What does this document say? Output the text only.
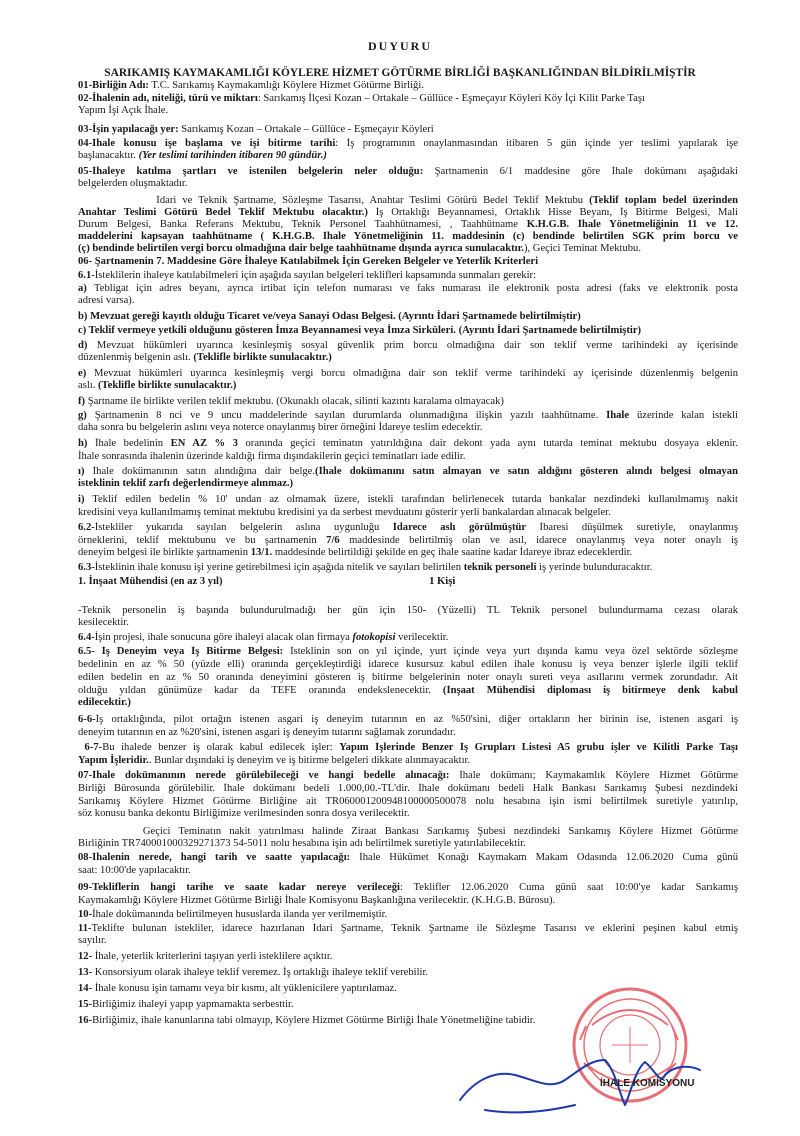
DUYURU
SARIKAMIŞ KAYMAKAMLIĞI KÖYLERE HİZMET GÖTÜRME BİRLİĞİ BAŞKANLIĞINDAN BİLDİRİLMİŞTİR
01-Birliğin Adı: T.C. Sarıkamış Kaymakamlığı Köylere Hizmet Götürme Birliği.
02-İhalenin adı, niteliği, türü ve miktarı: Sarıkamış İlçesi Kozan – Ortakale – Güllüce - Eşmeçayır Köyleri Köy İçi Kilit Parke Taşı
Yapım İşi Açık İhale.
03-İşin yapılacağı yer: Sarıkamış Kozan – Ortakale – Güllüce - Eşmeçayır Köyleri
04-İhale konusu işe başlama ve işi bitirme tarihi: İş programının onaylanmasından itibaren 5 gün içinde yer teslimi yapılarak işe
başlanacaktır. (Yer teslimi tarihinden itibaren 90 gündür.)
05-İhaleye katılma şartları ve istenilen belgelerin neler olduğu: Şartnamenin 6/1 maddesine göre İhale dokümanı aşağıdaki
belgelerden oluşmaktadır.
İdari ve Teknik Şartname, Sözleşme Tasarısı, Anahtar Teslimi Götürü Bedel Teklif Mektubu (Teklif toplam bedel üzerinden
Anahtar Teslimi Götürü Bedel Teklif Mektubu olacaktır.) İş Ortaklığı Beyannamesi, Ortaklık Hisse Beyanı, İş Bitirme Belgesi, Mali
Durum Belgesi, Banka Referans Mektubu, Teknik Personel Taahhütnamesi, , Taahhütname K.H.G.B. İhale Yönetmeliğinin 11 ve 12.
maddelerini kapsayan taahhütname ( K.H.G.B. İhale Yönetmeliğinin 11. maddesinin (c) bendinde belirtilen SGK prim borcu ve
(ç) bendinde belirtilen vergi borcu olmadığına dair belge taahhütname dışında ayrıca sunulacaktır.), Geçici Teminat Mektubu.
06- Şartnamenin 7. Maddesine Göre İhaleye Katılabilmek İçin Gereken Belgeler ve Yeterlik Kriterleri
6.1-İsteklilerin ihaleye katılabilmeleri için aşağıda sayılan belgeleri teklifleri kapsamında sunmaları gerekir:
a) Tebligat için adres beyanı, ayrıca irtibat için telefon numarası ve faks numarası ile elektronik posta adresi (faks ve elektronik posta
adresi varsa).
b) Mevzuat gereği kayıtlı olduğu Ticaret ve/veya Sanayi Odası Belgesi. (Ayrıntı İdari Şartnamede belirtilmiştir)
c) Teklif vermeye yetkili olduğunu gösteren İmza Beyannamesi veya İmza Sirküleri. (Ayrıntı İdari Şartnamede belirtilmiştir)
d) Mevzuat hükümleri uyarınca kesinleşmiş sosyal güvenlik prim borcu olmadığına dair son teklif verme tarihindeki ay içerisinde
düzenlenmiş belgenin aslı. (Teklifle birlikte sunulacaktır.)
e) Mevzuat hükümleri uyarınca kesinleşmiş vergi borcu olmadığına dair son teklif verme tarihindeki ay içerisinde düzenlenmiş belgenin
aslı. (Teklifle birlikte sunulacaktır.)
f) Şartname ile birlikte verilen teklif mektubu. (Okunaklı olacak, silinti kazıntı karalama olmayacak)
g) Şartnamenin 8 nci ve 9 uncu maddelerinde sayılan durumlarda olunmadığına ilişkin yazılı taahhütname. İhale üzerinde kalan istekli
daha sonra bu belgelerin aslını veya noterce onaylanmış birer örneğini İdareye teslim edecektir.
h) İhale bedelinin EN AZ % 3 oranında geçici teminatın yatırıldığına dair dekont yada aynı tutarda teminat mektubu dosyaya eklenir.
İhale sonrasında ihalenin üzerinde kaldığı firma dışındakilerin geçici teminatları iade edilir.
ı) İhale dokümanının satın alındığına dair belge.(İhale dokümanını satın almayan ve satın aldığını gösteren alındı belgesi olmayan
isteklinin teklif zarfı değerlendirmeye alınmaz.)
i) Teklif edilen bedelin % 10' undan az olmamak üzere, istekli tarafından belirlenecek tutarda bankalar nezdindeki kullanılmamış nakit
kredisini veya kullanılmamış teminat mektubu kredisini ya da serbest mevduatını gösterir yerli bankalardan alınacak belgeler.
6.2-İstekliler yukarıda sayılan belgelerin aslına uygunluğu İdarece aslı görülmüştür İbaresi düşülmek suretiyle, onaylanmış
örneklerini, teklif mektubunu ve bu şartnamenin 7/6 maddesinde belirtilmiş olan ve asıl, idarece onaylanmış veya noter onaylı iş
deneyim belgesi ile birlikte şartnamenin 13/1. maddesinde belirtildiği şekilde en geç ihale saatine kadar İdareye ibraz edeceklerdir.
6.3-İsteklinin ihale konusu işi yerine getirebilmesi için aşağıda nitelik ve sayıları belirtilen teknik personeli iş yerinde bulunduracaktır.
1. İnşaat Mühendisi (en az 3 yıl)                                                                              1 Kişi
-Teknik personelin iş başında bulundurulmadığı her gün için 150- (Yüzelli) TL Teknik personel bulundurmama cezası olarak
kesilecektir.
6.4-İşin projesi, ihale sonucuna göre ihaleyi alacak olan firmaya fotokopisi verilecektir.
6.5- İş Deneyim veya İş Bitirme Belgesi: İsteklinin son on yıl içinde, yurt içinde veya yurt dışında kamu veya özel sektörde sözleşme
bedelinin en az % 50 (yüzde elli) oranında gerçekleştirdiği idarece kusursuz kabul edilen ihale konusu iş veya benzer işlerle ilgili teklif
edilen bedelin en az % 50 oranında deneyimini gösteren iş bitirme belgelerinin noter onaylı sureti veya asıllarını vermek zorundadır. Ait
olduğu yıldan günümüze kadar da TEFE oranında endekslenecektir. (İnşaat Mühendisi diploması iş bitirmeye denk kabul
edilecektir.)
6-6-İş ortaklığında, pilot ortağın istenen asgari iş deneyim tutarının en az %50'sini, diğer ortakların her birinin ise, istenen asgari iş
deneyim tutarının en az %20'sini, istenen asgari iş deneyim tutarını sağlamak zorundadır.
6-7-Bu ihalede benzer iş olarak kabul edilecek işler: Yapım İşlerinde Benzer İş Grupları Listesi A5 grubu işler ve Kilitli Parke Taşı
Yapım İşleridir.. Bunlar dışındaki iş deneyim ve iş bitirme belgeleri dikkate alınmayacaktır.
07-İhale dokümanının nerede görülebileceği ve hangi bedelle alınacağı: İhale dokümanı; Kaymakamlık Köylere Hizmet Götürme
Birliği Bürosunda görülebilir. İhale dokümanı bedeli 1.000,00.-TL'dir. İhale dokümanı bedeli Halk Bankası Sarıkamış Şubesi nezdindeki
Sarıkamış Köylere Hizmet Götürme Birliğine ait TR060001200948100000500078 nolu hesabına işin ismi belirtilmek suretiyle yatırılıp,
söz konusu banka dekontu Birliğimize verilmesinden sonra dosya verilecektir.
Geçici Teminatın nakit yatırılması halinde Ziraat Bankası Sarıkamış Şubesi nezdindeki Sarıkamış Köylere Hizmet Götürme
Birliğinin TR740001000329271373 54-5011 nolu hesabına işin adı belirtilmek suretiyle yatırılabilecektir.
08-İhalenin nerede, hangi tarih ve saatte yapılacağı: İhale Hükümet Konağı Kaymakam Makam Odasında 12.06.2020 Cuma günü
saat: 10:00'de yapılacaktır.
09-Tekliflerin hangi tarihe ve saate kadar nereye verileceği: Teklifler 12.06.2020 Cuma günü saat 10:00'ye kadar Sarıkamış
Kaymakamlığı Köylere Hizmet Götürme Birliği İhale Komisyonu Başkanlığına verilecektir. (K.H.G.B. Bürosu).
10-İhale dokümanında belirtilmeyen hususlarda ilanda yer verilmemiştir.
11-Teklifte bulunan istekliler, idarece hazırlanan İdari Şartname, Teknik Şartname ile Sözleşme Tasarısı ve eklerini peşinen kabul etmiş
sayılır.
12- İhale, yeterlik kriterlerini taşıyan yerli isteklilere açıktır.
13- Konsorsiyum olarak ihaleye teklif veremez. İş ortaklığı ihaleye teklif verebilir.
14- İhale konusu işin tamamı veya bir kısmı, alt yüklenicilere yaptırılamaz.
15-Birliğimiz ihaleyi yapıp yapmamakta serbesttir.
16-Birliğimiz, ihale kanunlarına tabi olmayıp, Köylere Hizmet Götürme Birliği İhale Yönetmeliğine tabidir.
İHALE KOMİSYONU
